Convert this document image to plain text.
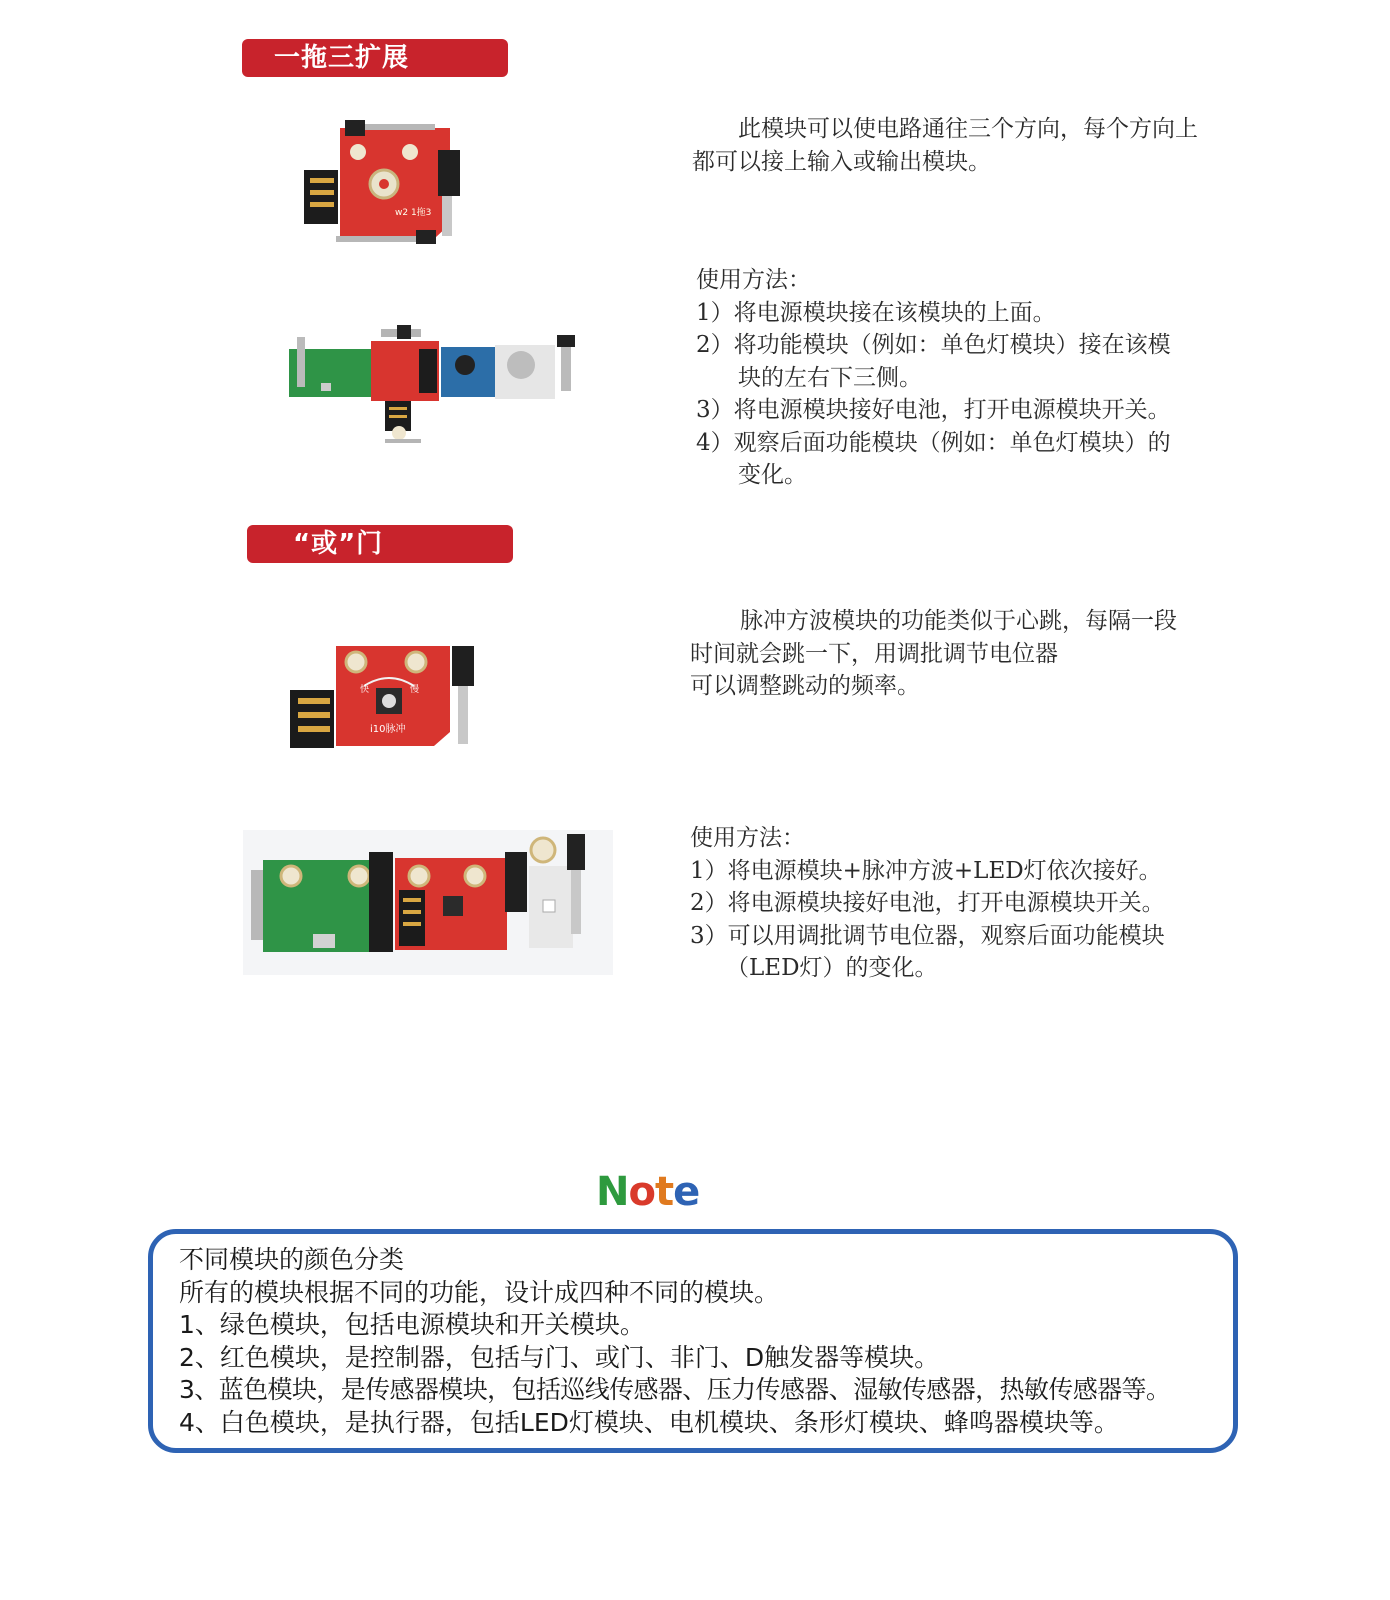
一拖三扩展
w2 1拖3
此模块可以使电路通往三个方向，每个方向上
都可以接上输入或输出模块。
使用方法：
1）将电源模块接在该模块的上面。
2）将功能模块（例如：单色灯模块）接在该模
块的左右下三侧。
3）将电源模块接好电池，打开电源模块开关。
4）观察后面功能模块（例如：单色灯模块）的
变化。
“或”门
快	慢
i10脉冲
脉冲方波模块的功能类似于心跳，每隔一段
时间就会跳一下，用调批调节电位器
可以调整跳动的频率。
使用方法：
1）将电源模块+脉冲方波+LED灯依次接好。
2）将电源模块接好电池，打开电源模块开关。
3）可以用调批调节电位器，观察后面功能模块
（LED灯）的变化。
Note
不同模块的颜色分类
所有的模块根据不同的功能，设计成四种不同的模块。
1、绿色模块，包括电源模块和开关模块。
2、红色模块，是控制器，包括与门、或门、非门、D触发器等模块。
3、蓝色模块，是传感器模块，包括巡线传感器、压力传感器、湿敏传感器，热敏传感器等。
4、白色模块，是执行器，包括LED灯模块、电机模块、条形灯模块、蜂鸣器模块等。
